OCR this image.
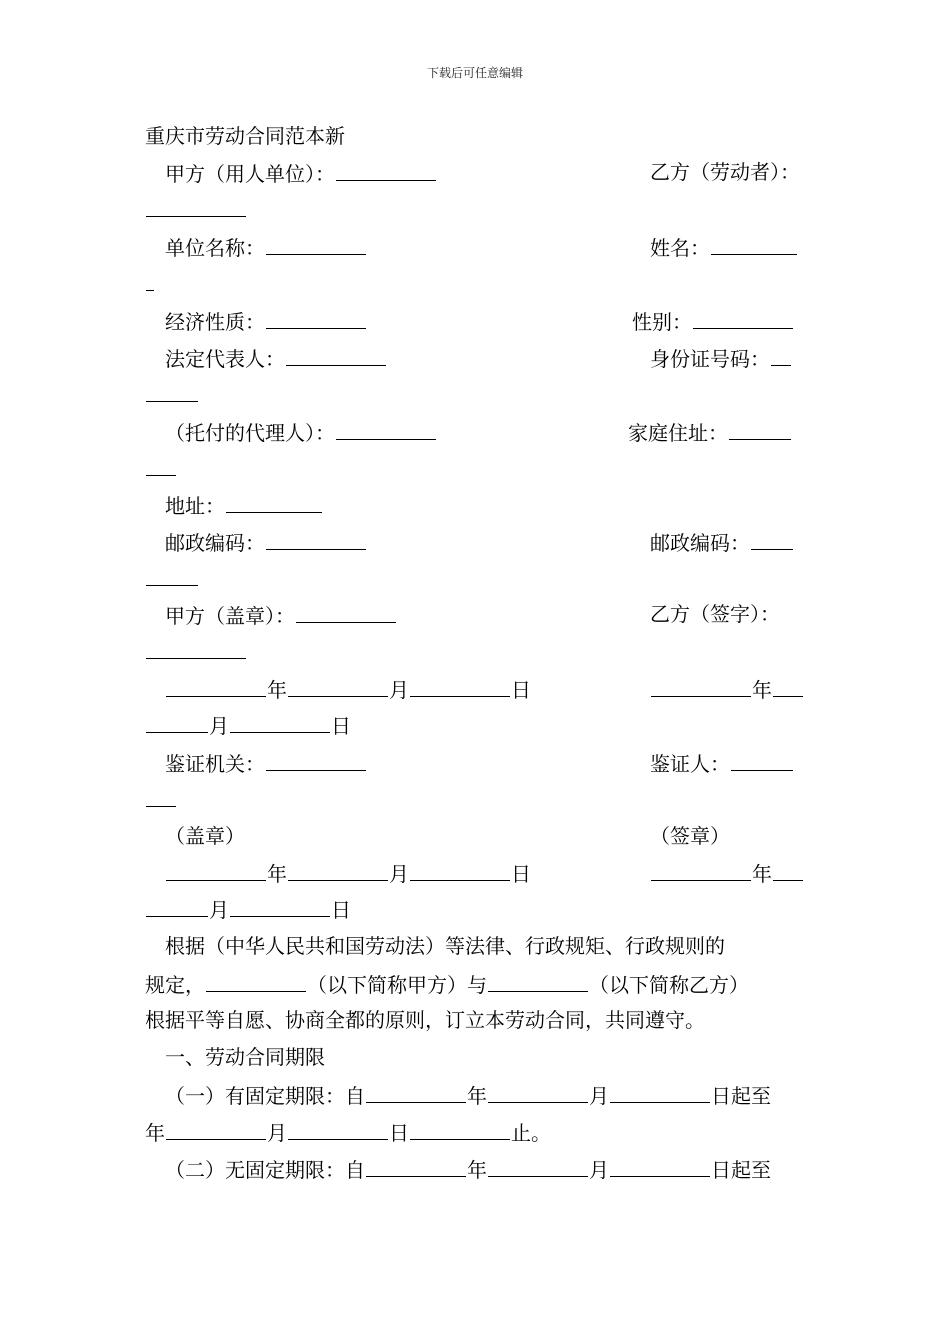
下载后可任意编辑
重庆市劳动合同范本新
甲方（用人单位）：	乙方（劳动者）：
单位名称：	姓名：
经济性质：	性别：
法定代表人：	身份证号码：
（托付的代理人）：	家庭住址：
地址：
邮政编码：	邮政编码：
甲方（盖章）：	乙方（签字）：
年	月	日	年
月	日
鉴证机关：	鉴证人：
（盖章）	（签章）
年	月	日	年
月	日
根据（中华人民共和国劳动法）等法律、行政规矩、行政规则的
规定，	（以下简称甲方）与	（以下简称乙方）
根据平等自愿、协商全都的原则，订立本劳动合同，共同遵守。
一、劳动合同期限
（一）有固定期限：自	年	月	日起至
年	月	日	止。
（二）无固定期限：自	年	月	日起至
